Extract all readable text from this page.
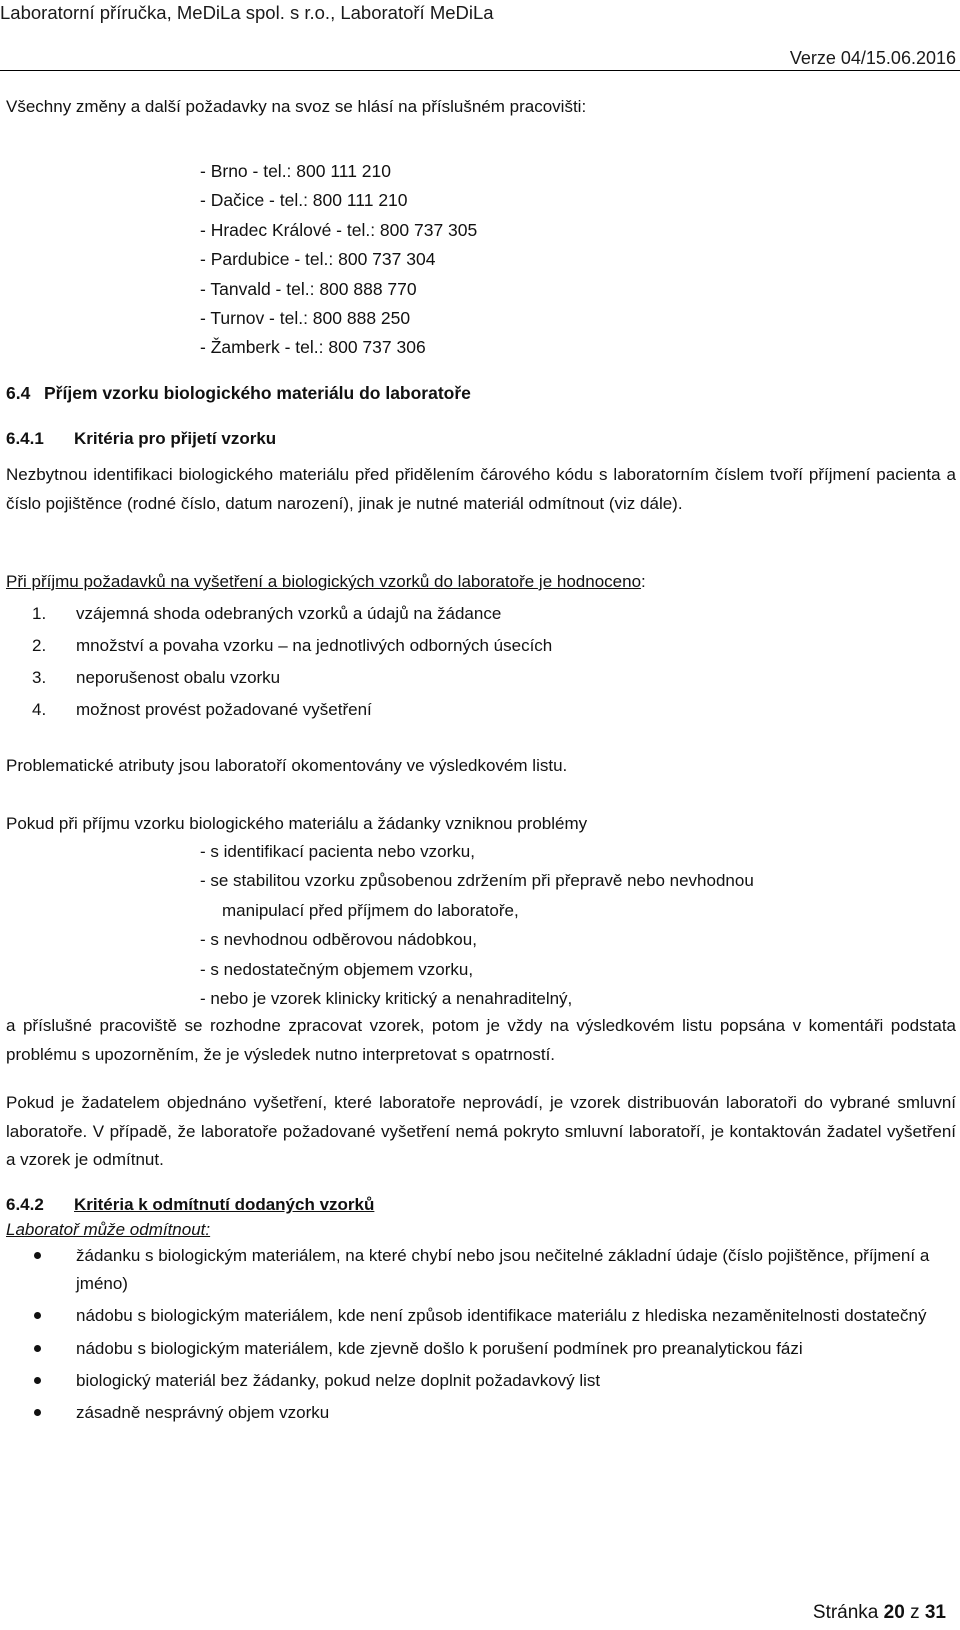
Laboratorní příručka, MeDiLa spol. s r.o., Laboratoří MeDiLa
Verze 04/15.06.2016
Všechny změny a další požadavky na svoz se hlásí na příslušném pracovišti:
- Brno - tel.: 800 111 210
- Dačice - tel.: 800 111 210
- Hradec Králové - tel.: 800 737 305
- Pardubice - tel.: 800 737 304
- Tanvald - tel.: 800 888 770
- Turnov - tel.: 800 888 250
- Žamberk - tel.: 800 737 306
6.4 Příjem vzorku biologického materiálu do laboratoře
6.4.1 Kritéria pro přijetí vzorku
Nezbytnou identifikaci biologického materiálu před přidělením čárového kódu s laboratorním číslem tvoří příjmení pacienta a číslo pojištěnce (rodné číslo, datum narození), jinak je nutné materiál odmítnout (viz dále).
Při příjmu požadavků na vyšetření a biologických vzorků do laboratoře je hodnoceno:
1. vzájemná shoda odebraných vzorků a údajů na žádance
2. množství a povaha vzorku – na jednotlivých odborných úsecích
3. neporušenost obalu vzorku
4. možnost provést požadované vyšetření
Problematické atributy jsou laboratoří okomentovány ve výsledkovém listu.
Pokud při příjmu vzorku biologického materiálu a žádanky vzniknou problémy
- s identifikací pacienta nebo vzorku,
- se stabilitou vzorku způsobenou zdržením při přepravě nebo nevhodnou
manipulací před příjmem do laboratoře,
- s nevhodnou odběrovou nádobkou,
- s nedostatečným objemem vzorku,
- nebo je vzorek klinicky kritický a nenahraditelný,
a příslušné pracoviště se rozhodne zpracovat vzorek, potom je vždy na výsledkovém listu popsána v komentáři podstata problému s upozorněním, že je výsledek nutno interpretovat s opatrností.
Pokud je žadatelem objednáno vyšetření, které laboratoře neprovádí, je vzorek distribuován laboratoři do vybrané smluvní laboratoře. V případě, že laboratoře požadované vyšetření nemá pokryto smluvní laboratoří, je kontaktován žadatel vyšetření a vzorek je odmítnut.
6.4.2 Kritéria k odmítnutí dodaných vzorků
Laboratoř může odmítnout:
žádanku s biologickým materiálem, na které chybí nebo jsou nečitelné základní údaje (číslo pojištěnce, příjmení a jméno)
nádobu s biologickým materiálem, kde není způsob identifikace materiálu z hlediska nezaměnitelnosti dostatečný
nádobu s biologickým materiálem, kde zjevně došlo k porušení podmínek pro preanalytickou fázi
biologický materiál bez žádanky, pokud nelze doplnit požadavkový list
zásadně nesprávný objem vzorku
Stránka 20 z 31
